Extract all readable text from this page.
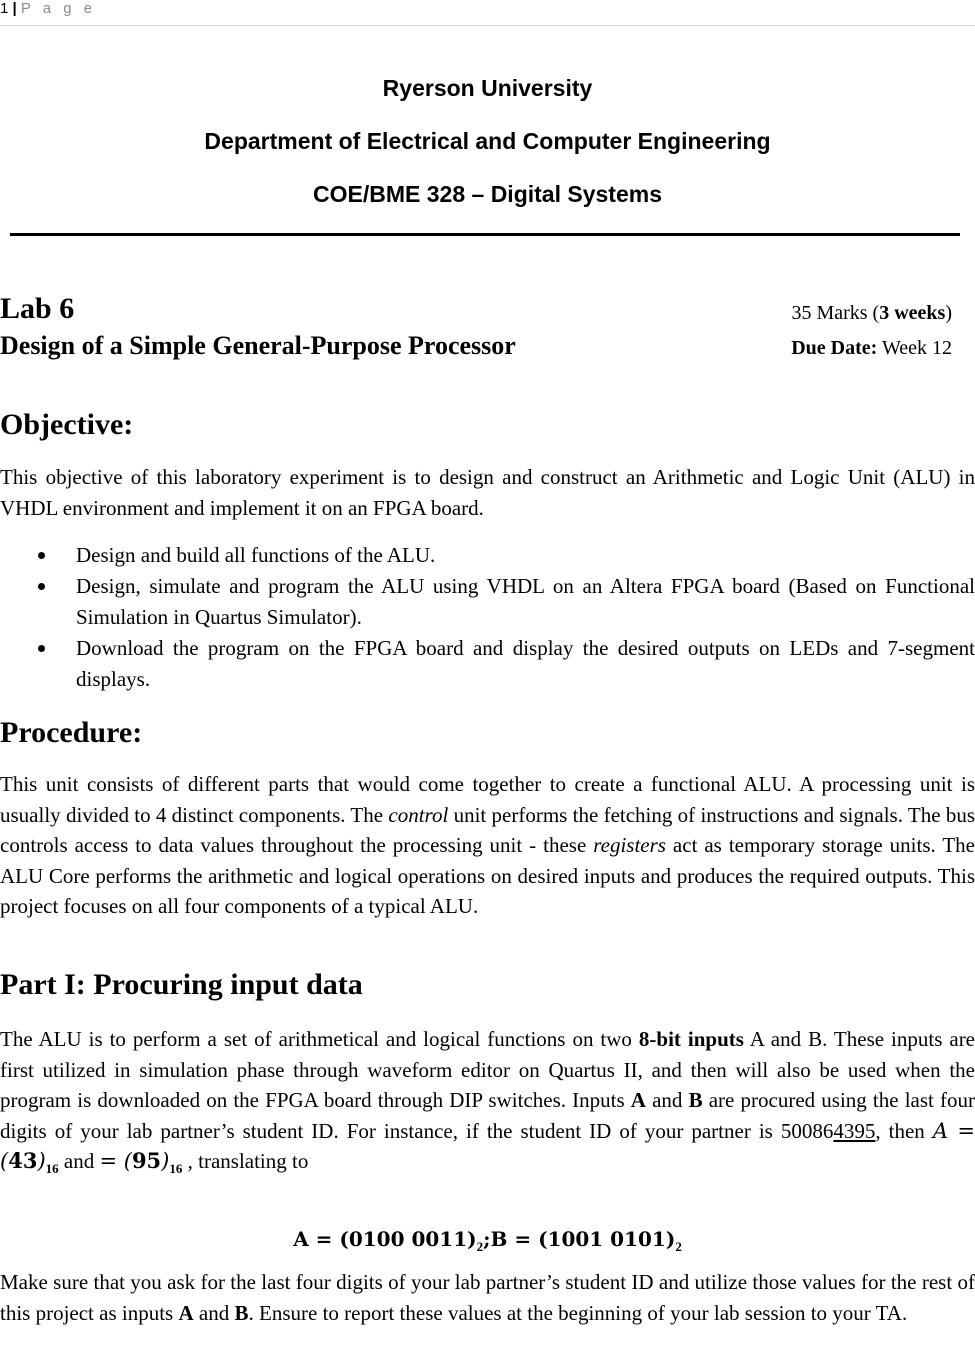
1 | P a g e
Ryerson University
Department of Electrical and Computer Engineering
COE/BME 328 – Digital Systems
Lab 6
Design of a Simple General-Purpose Processor
35 Marks (3 weeks)
Due Date: Week 12
Objective:
This objective of this laboratory experiment is to design and construct an Arithmetic and Logic Unit (ALU) in VHDL environment and implement it on an FPGA board.
Design and build all functions of the ALU.
Design, simulate and program the ALU using VHDL on an Altera FPGA board (Based on Functional Simulation in Quartus Simulator).
Download the program on the FPGA board and display the desired outputs on LEDs and 7-segment displays.
Procedure:
This unit consists of different parts that would come together to create a functional ALU. A processing unit is usually divided to 4 distinct components. The control unit performs the fetching of instructions and signals. The bus controls access to data values throughout the processing unit - these registers act as temporary storage units. The ALU Core performs the arithmetic and logical operations on desired inputs and produces the required outputs. This project focuses on all four components of a typical ALU.
Part I: Procuring input data
The ALU is to perform a set of arithmetical and logical functions on two 8-bit inputs A and B. These inputs are first utilized in simulation phase through waveform editor on Quartus II, and then will also be used when the program is downloaded on the FPGA board through DIP switches. Inputs A and B are procured using the last four digits of your lab partner’s student ID. For instance, if the student ID of your partner is 500864395, then $A = (43)_{16}$ and = $(95)_{16}$ , translating to
A = (0100 $0011)_2;B = (1001$ $0101)_2$
Make sure that you ask for the last four digits of your lab partner’s student ID and utilize those values for the rest of this project as inputs A and B. Ensure to report these values at the beginning of your lab session to your TA.
